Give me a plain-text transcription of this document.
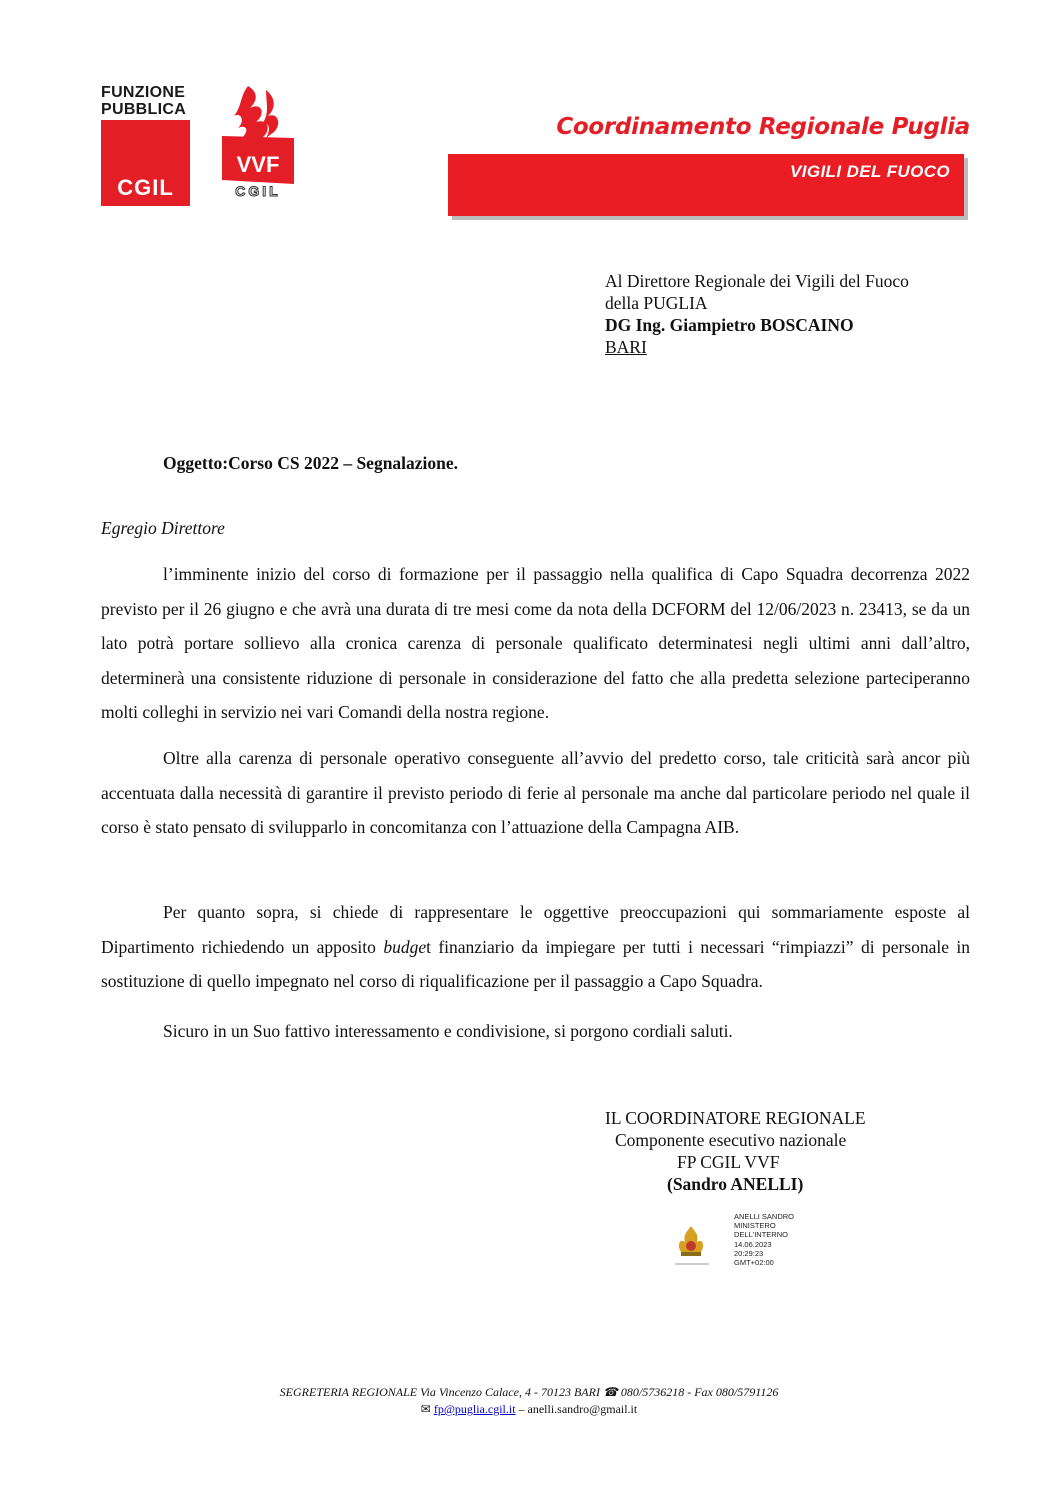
FUNZIONE
PUBBLICA
CGIL
VVF
CGIL
Coordinamento Regionale Puglia
VIGILI DEL FUOCO
Al Direttore Regionale dei Vigili del Fuoco
della PUGLIA
DG Ing. Giampietro BOSCAINO
BARI
Oggetto:Corso CS 2022 – Segnalazione.
Egregio Direttore
l’imminente inizio del corso di formazione per il passaggio nella qualifica di Capo Squadra decorrenza 2022 previsto per il 26 giugno e che avrà una durata di tre mesi come da nota della DCFORM del 12/06/2023 n. 23413, se da un lato potrà portare sollievo alla cronica carenza di personale qualificato determinatesi negli ultimi anni dall’altro, determinerà una consistente riduzione di personale in considerazione del fatto che alla predetta selezione parteciperanno molti colleghi in servizio nei vari Comandi della nostra regione.
Oltre alla carenza di personale operativo conseguente all’avvio del predetto corso, tale criticità sarà ancor più accentuata dalla necessità di garantire il previsto periodo di ferie al personale ma anche dal particolare periodo nel quale il corso è stato pensato di svilupparlo in concomitanza con l’attuazione della Campagna AIB.
Per quanto sopra, si chiede di rappresentare le oggettive preoccupazioni qui sommariamente esposte al Dipartimento richiedendo un apposito budget finanziario da impiegare per tutti i necessari “rimpiazzi” di personale in sostituzione di quello impegnato nel corso di riqualificazione per il passaggio a Capo Squadra.
Sicuro in un Suo fattivo interessamento e condivisione, si porgono cordiali saluti.
IL COORDINATORE REGIONALE
Componente esecutivo nazionale
FP CGIL VVF
(Sandro ANELLI)
ANELLI SANDRO
MINISTERO
DELL'INTERNO
14.06.2023
20:29:23
GMT+02:00
SEGRETERIA REGIONALE Via Vincenzo Calace, 4 - 70123 BARI ☎ 080/5736218 - Fax 080/5791126
✉ fp@puglia.cgil.it – anelli.sandro@gmail.it
